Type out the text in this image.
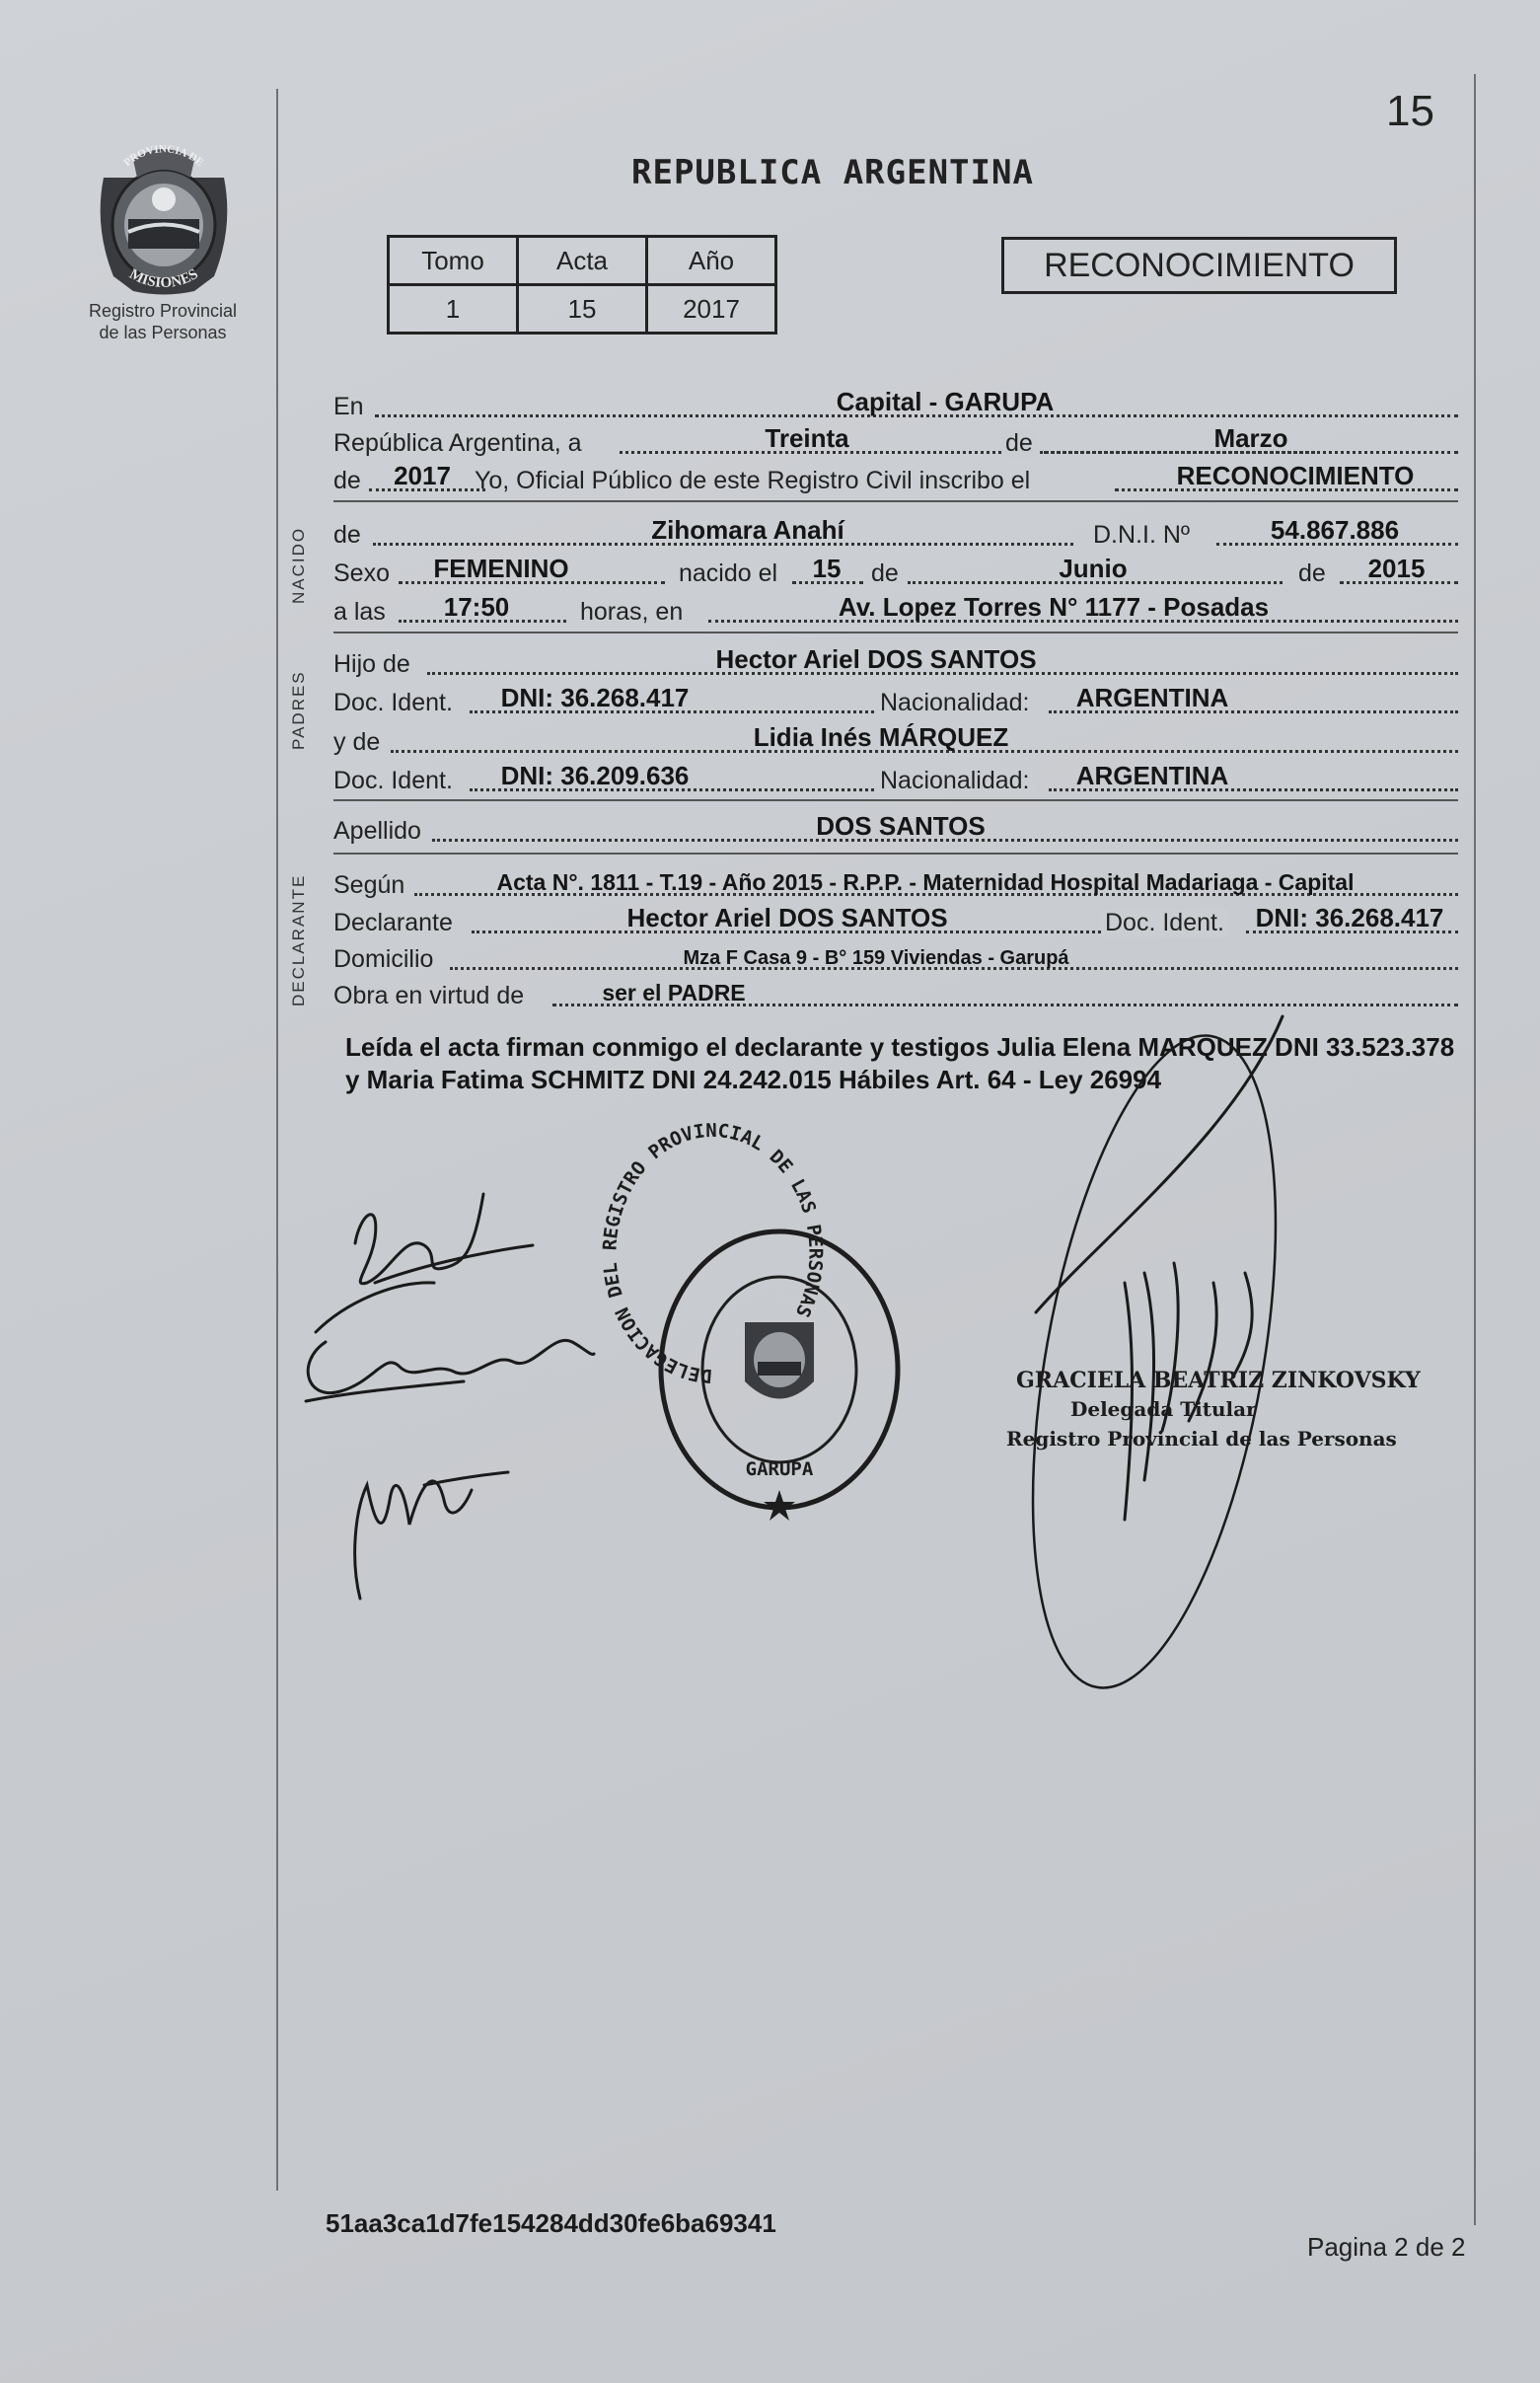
PROVINCIA DE
MISIONES
Registro Provincial
de las Personas
15
REPUBLICA ARGENTINA
Tomo	Acta	Año
1	15	2017
RECONOCIMIENTO
En	Capital - GARUPA
República Argentina, a	Treinta	de	Marzo
de	2017 Yo, Oficial Público de este Registro Civil inscribo el	RECONOCIMIENTO
NACIDO de	Zihomara Anahí	D.N.I. Nº	54.867.886
Sexo	FEMENINO	nacido el	15	de	Junio	de	2015
a las	17:50	horas, en	Av. Lopez Torres N° 1177 - Posadas
PADRES
Hijo de	Hector Ariel DOS SANTOS
Doc. Ident.	DNI: 36.268.417	Nacionalidad:	ARGENTINA
y de	Lidia Inés MÁRQUEZ
Doc. Ident.	DNI: 36.209.636	Nacionalidad:	ARGENTINA
Apellido	DOS SANTOS
DECLARANTE Según	Acta N°. 1811 - T.19 - Año 2015 - R.P.P. - Maternidad Hospital Madariaga - Capital
Declarante	Hector Ariel DOS SANTOS	Doc. Ident.	DNI: 36.268.417
Domicilio	Mza F Casa 9 - B° 159 Viviendas - Garupá
Obra en virtud de	ser el PADRE
Leída el acta firman conmigo el declarante y testigos Julia Elena MARQUEZ DNI 33.523.378 y Maria Fatima SCHMITZ DNI 24.242.015 Hábiles Art. 64 - Ley 26994
GRACIELA BEATRIZ ZINKOVSKY
Delegada Titular
Registro Provincial de las Personas
DELEGACION DEL REGISTRO PROVINCIAL DE LAS PERSONAS
GARUPA
51aa3ca1d7fe154284dd30fe6ba69341
Pagina 2 de 2
